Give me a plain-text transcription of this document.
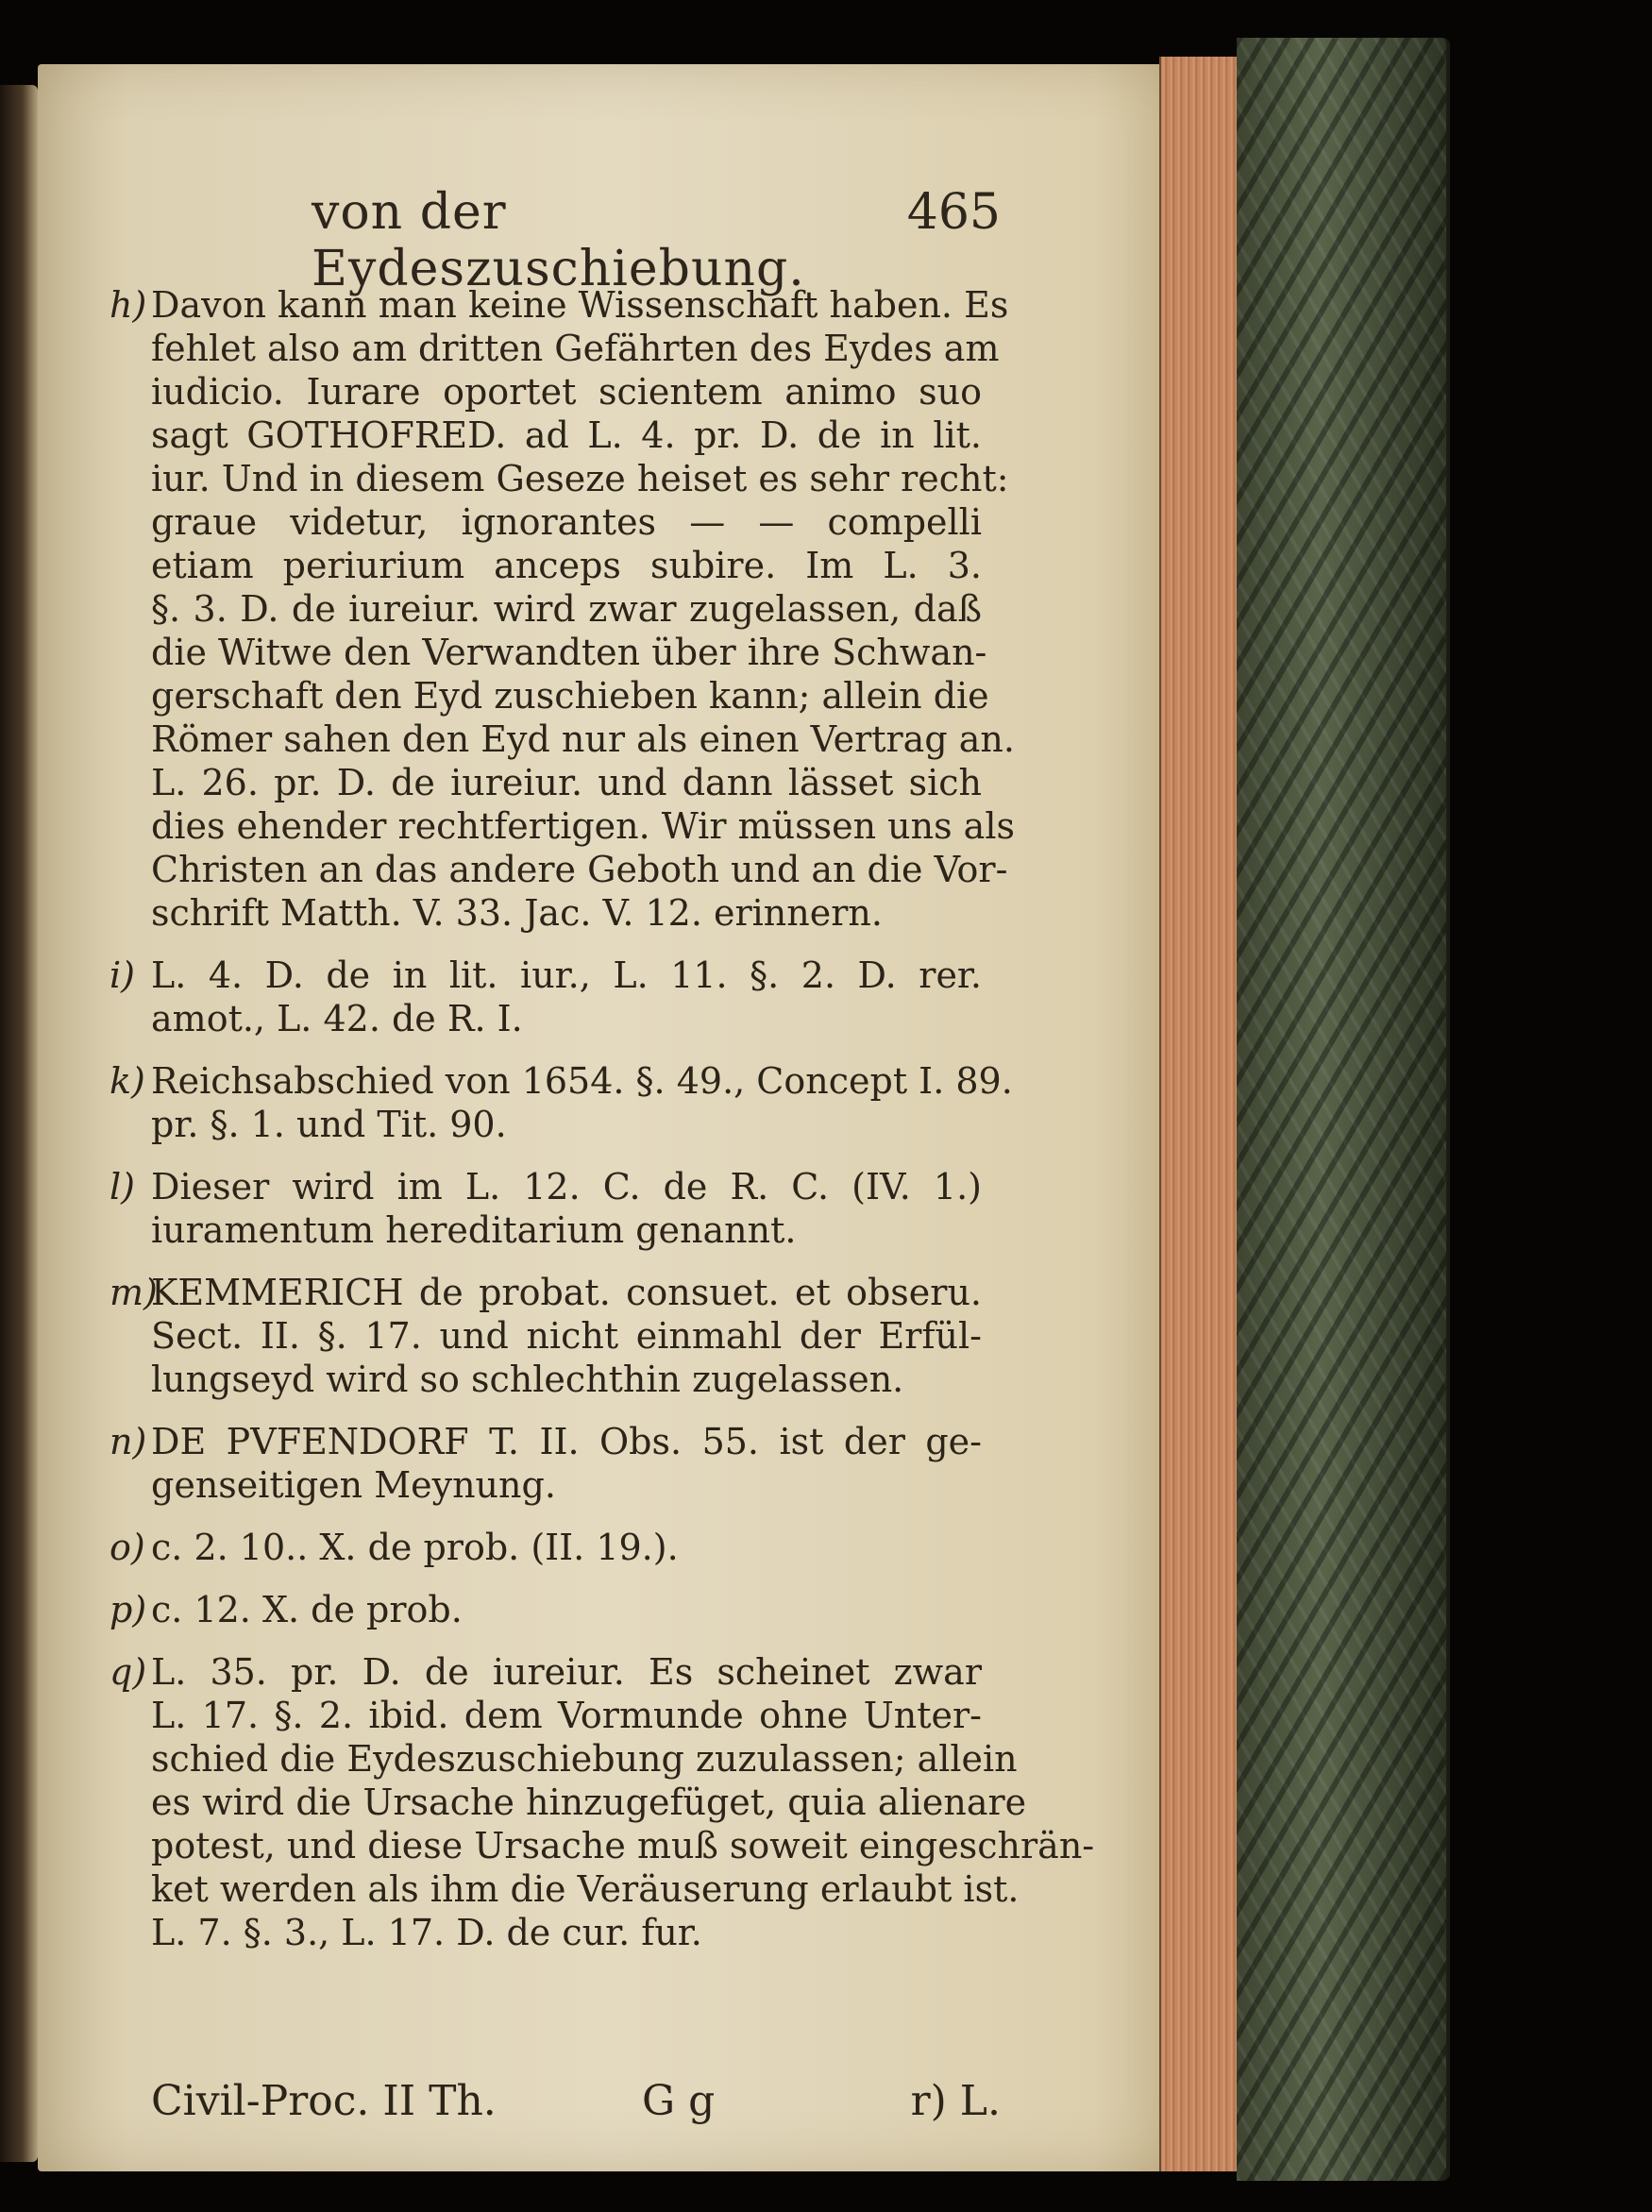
von der Eydeszuschiebung.
465
h) Davon kann man keine Wissenschaft haben. Es
fehlet also am dritten Gefährten des Eydes am
iudicio. Iurare oportet scientem animo suo
sagt GOTHOFRED. ad L. 4. pr. D. de in lit.
iur. Und in diesem Geseze heiset es sehr recht:
graue videtur, ignorantes — — compelli
etiam periurium anceps subire. Im L. 3.
§. 3. D. de iureiur. wird zwar zugelassen, daß
die Witwe den Verwandten über ihre Schwan-
gerschaft den Eyd zuschieben kann; allein die
Römer sahen den Eyd nur als einen Vertrag an.
L. 26. pr. D. de iureiur. und dann lässet sich
dies ehender rechtfertigen. Wir müssen uns als
Christen an das andere Geboth und an die Vor-
schrift Matth. V. 33. Jac. V. 12. erinnern.
i) L. 4. D. de in lit. iur., L. 11. §. 2. D. rer.
amot., L. 42. de R. I.
k) Reichsabschied von 1654. §. 49., Concept I. 89.
pr. §. 1. und Tit. 90.
l) Dieser wird im L. 12. C. de R. C. (IV. 1.)
iuramentum hereditarium genannt.
m)
KEMMERICH de probat. consuet. et obseru.
Sect. II. §. 17. und nicht einmahl der Erfül-
lungseyd wird so schlechthin zugelassen.
n) DE PVFENDORF T. II. Obs. 55. ist der ge-
genseitigen Meynung.
o) c. 2. 10.. X. de prob. (II. 19.).
p) c. 12. X. de prob.
q) L. 35. pr. D. de iureiur. Es scheinet zwar
L. 17. §. 2. ibid. dem Vormunde ohne Unter-
schied die Eydeszuschiebung zuzulassen; allein
es wird die Ursache hinzugefüget, quia alienare
potest, und diese Ursache muß soweit eingeschrän-
ket werden als ihm die Veräuserung erlaubt ist.
L. 7. §. 3., L. 17. D. de cur. fur.
Civil-Proc. II Th.	G g	r) L.
